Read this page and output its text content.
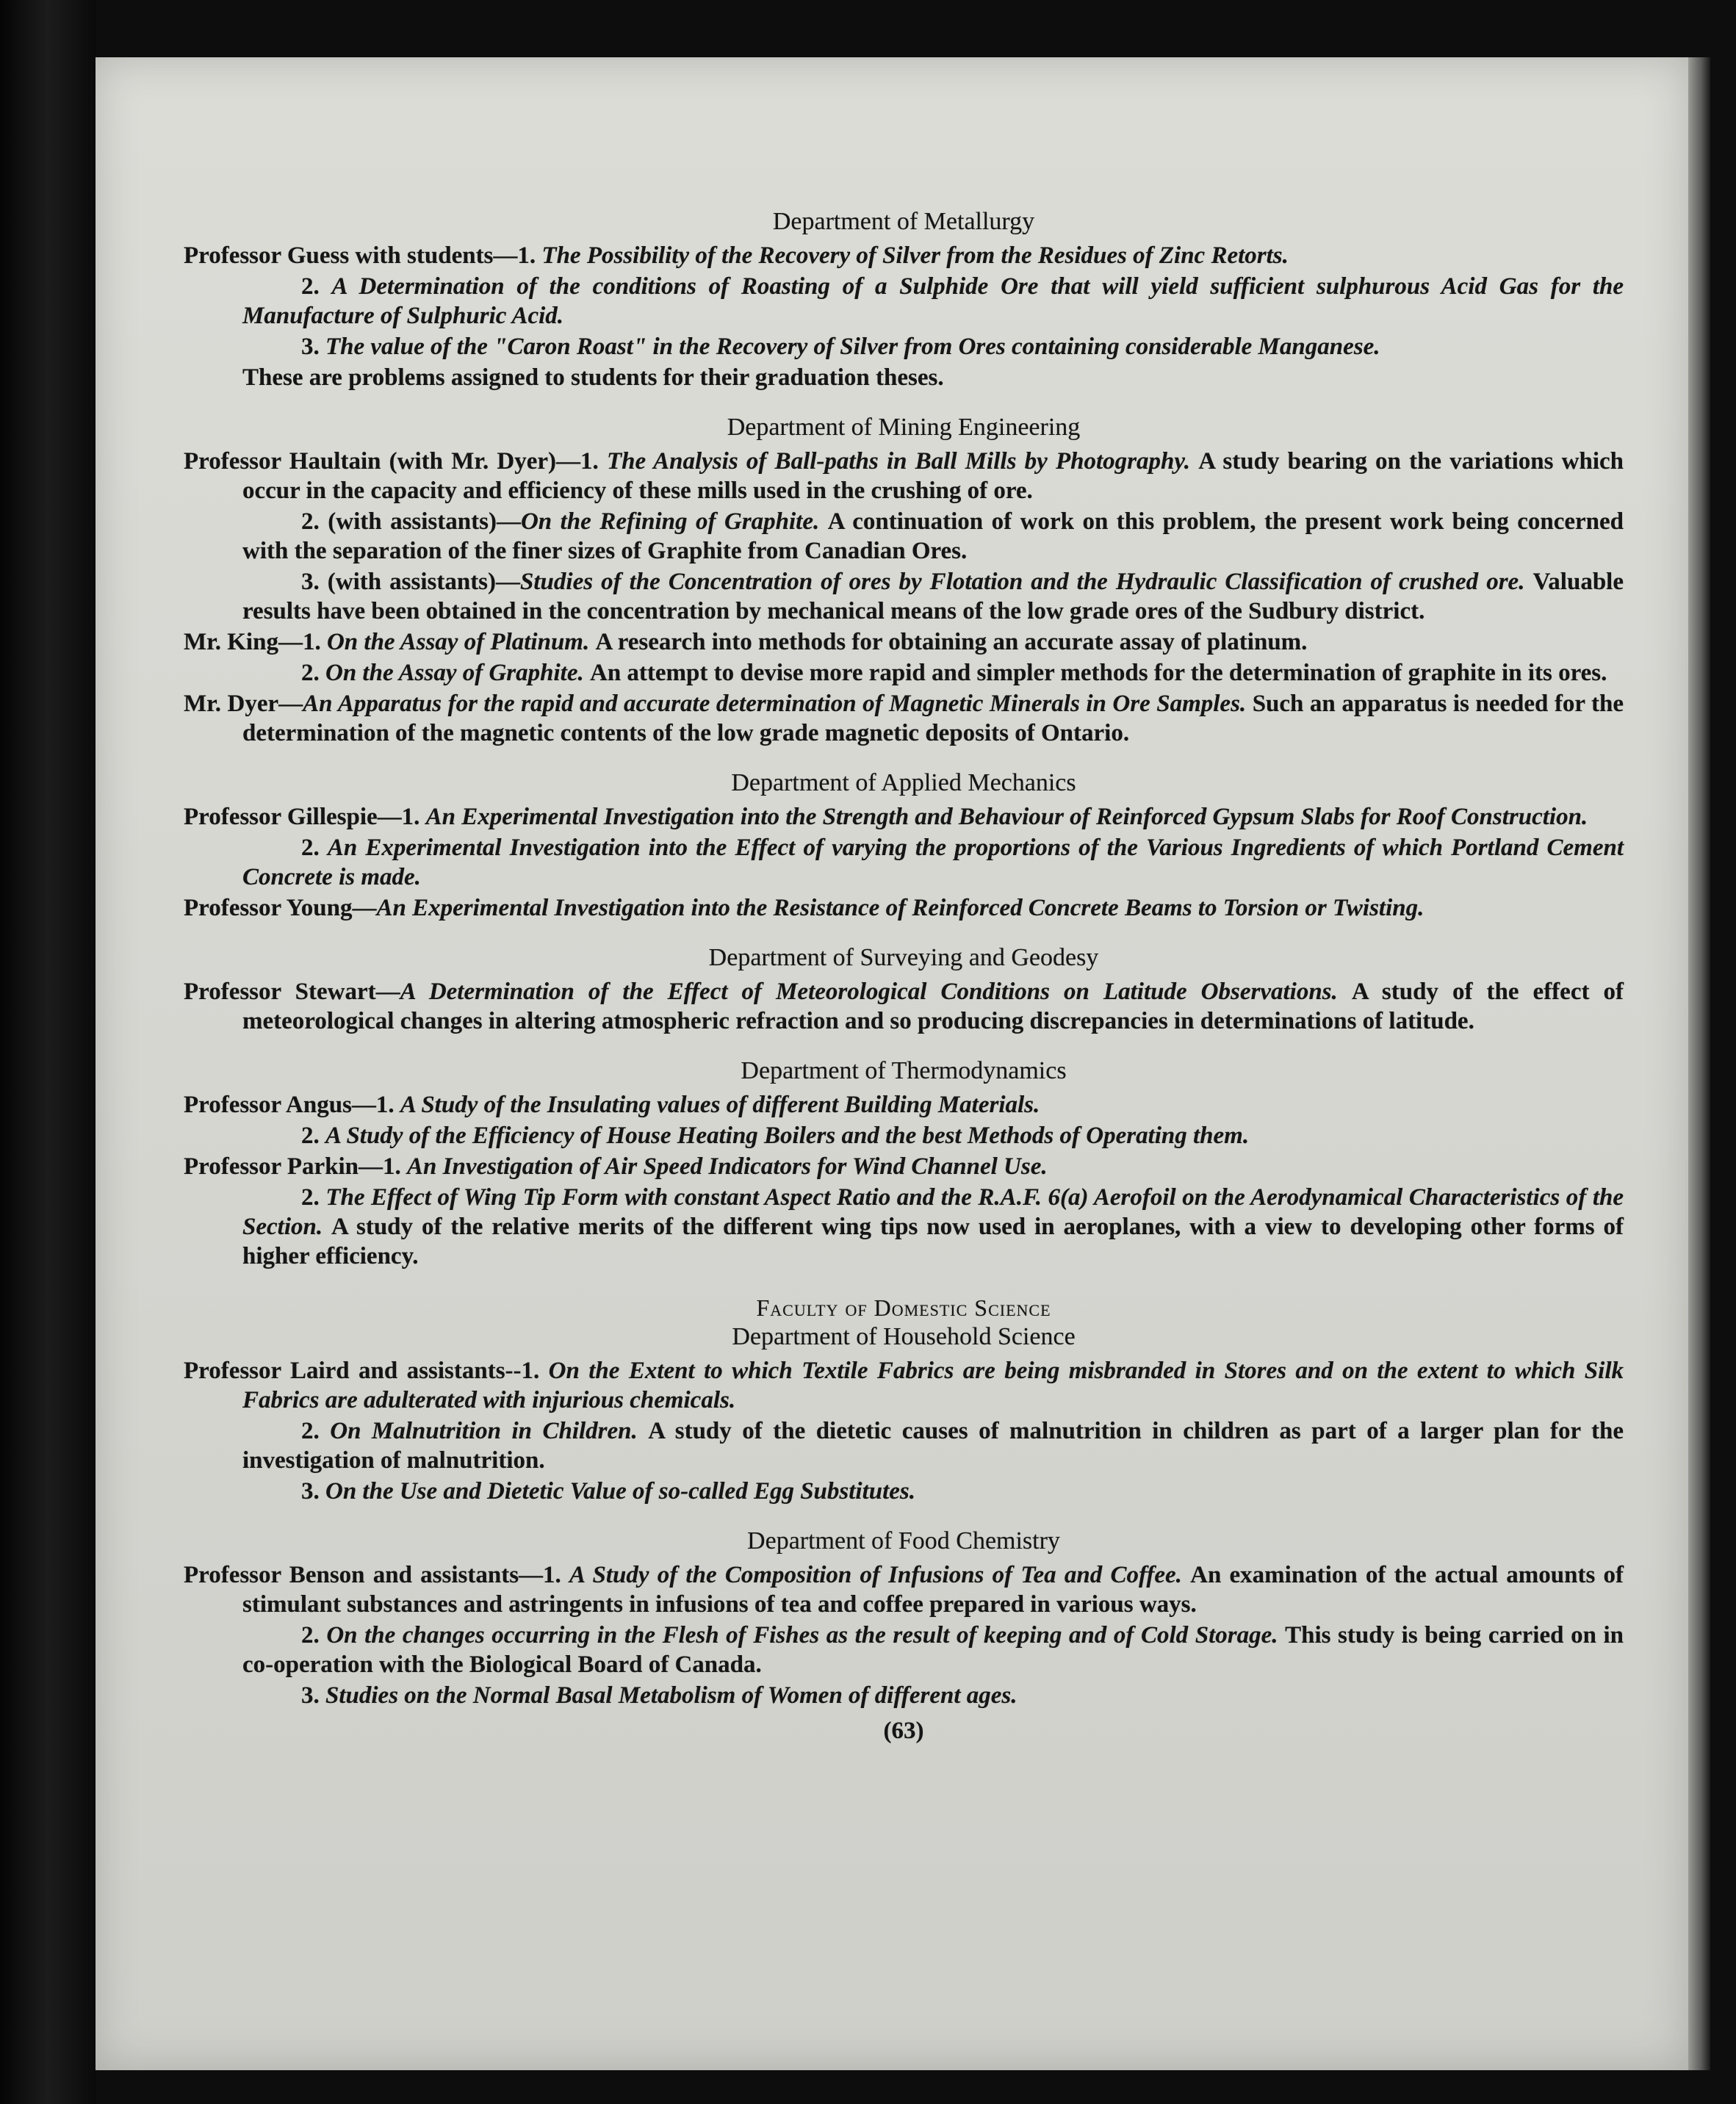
Department of Metallurgy

Professor Guess with students—1. The Possibility of the Recovery of Silver from the Residues of Zinc Retorts.

2. A Determination of the conditions of Roasting of a Sulphide Ore that will yield sufficient sulphurous Acid Gas for the Manufacture of Sulphuric Acid.

3. The value of the "Caron Roast" in the Recovery of Silver from Ores containing considerable Manganese.

These are problems assigned to students for their graduation theses.

Department of Mining Engineering

Professor Haultain (with Mr. Dyer)—1. The Analysis of Ball-paths in Ball Mills by Photography. A study bearing on the variations which occur in the capacity and efficiency of these mills used in the crushing of ore.

2. (with assistants)—On the Refining of Graphite. A continuation of work on this problem, the present work being concerned with the separation of the finer sizes of Graphite from Canadian Ores.

3. (with assistants)—Studies of the Concentration of ores by Flotation and the Hydraulic Classification of crushed ore. Valuable results have been obtained in the concentration by mechanical means of the low grade ores of the Sudbury district.

Mr. King—1. On the Assay of Platinum. A research into methods for obtaining an accurate assay of platinum.

2. On the Assay of Graphite. An attempt to devise more rapid and simpler methods for the determination of graphite in its ores.

Mr. Dyer—An Apparatus for the rapid and accurate determination of Magnetic Minerals in Ore Samples. Such an apparatus is needed for the determination of the magnetic contents of the low grade magnetic deposits of Ontario.

Department of Applied Mechanics

Professor Gillespie—1. An Experimental Investigation into the Strength and Behaviour of Reinforced Gypsum Slabs for Roof Construction.

2. An Experimental Investigation into the Effect of varying the proportions of the Various Ingredients of which Portland Cement Concrete is made.

Professor Young—An Experimental Investigation into the Resistance of Reinforced Concrete Beams to Torsion or Twisting.

Department of Surveying and Geodesy

Professor Stewart—A Determination of the Effect of Meteorological Conditions on Latitude Observations. A study of the effect of meteorological changes in altering atmospheric refraction and so producing discrepancies in determinations of latitude.

Department of Thermodynamics

Professor Angus—1. A Study of the Insulating values of different Building Materials.

2. A Study of the Efficiency of House Heating Boilers and the best Methods of Operating them.

Professor Parkin—1. An Investigation of Air Speed Indicators for Wind Channel Use.

2. The Effect of Wing Tip Form with constant Aspect Ratio and the R.A.F. 6(a) Aerofoil on the Aerodynamical Characteristics of the Section. A study of the relative merits of the different wing tips now used in aeroplanes, with a view to developing other forms of higher efficiency.

Faculty of Domestic Science
Department of Household Science

Professor Laird and assistants--1. On the Extent to which Textile Fabrics are being misbranded in Stores and on the extent to which Silk Fabrics are adulterated with injurious chemicals.

2. On Malnutrition in Children. A study of the dietetic causes of malnutrition in children as part of a larger plan for the investigation of malnutrition.

3. On the Use and Dietetic Value of so-called Egg Substitutes.

Department of Food Chemistry

Professor Benson and assistants—1. A Study of the Composition of Infusions of Tea and Coffee. An examination of the actual amounts of stimulant substances and astringents in infusions of tea and coffee prepared in various ways.

2. On the changes occurring in the Flesh of Fishes as the result of keeping and of Cold Storage. This study is being carried on in co-operation with the Biological Board of Canada.

3. Studies on the Normal Basal Metabolism of Women of different ages.

(63)
